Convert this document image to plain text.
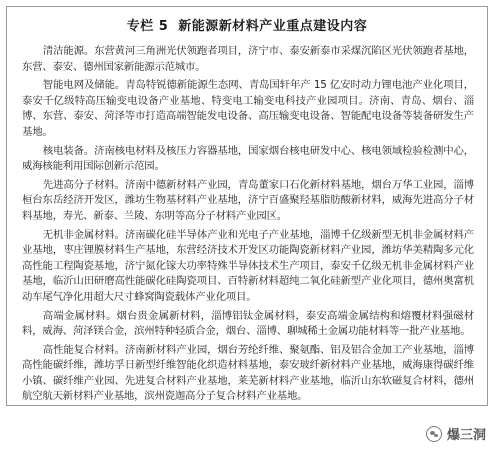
专栏 5 新能源新材料产业重点建设内容

清洁能源。东营黄河三角洲光伏领跑者项目，济宁市、泰安新泰市采煤沉陷区光伏领跑者基地，东营、泰安、德州国家新能源示范城市。

智能电网及储能。青岛特锐德新能源生态网、青岛国轩年产 15 亿安时动力锂电池产业化项目，泰安千亿级特高压输变电设备产业基地、特变电工输变电科技产业园项目。济南、青岛、烟台、淄博、东营、泰安、菏泽等市打造高端智能发电设备、高压输变电设备、智能配电设备等装备研发生产基地。

核电装备。济南核电材料及核压力容器基地，国家烟台核电研发中心、核电领域检验检测中心，威海核能利用国际创新示范园。

先进高分子材料。济南中德新材料产业园，青岛董家口石化新材料基地，烟台万华工业园，淄博桓台东岳经济开发区，潍坊生物基材料产业基地，济宁百盛聚羟基脂肪酸新材料，威海先进高分子材料基地，寿光、新泰、兰陵、东明等高分子材料产业园区。

无机非金属材料。济南碳化硅半导体产业和光电子产业基地，淄博千亿级新型无机非金属材料产业基地，枣庄锂膜材料生产基地，东营经济技术开发区功能陶瓷新材料产业园，潍坊华美精陶多元化高性能工程陶瓷基地，济宁氮化镓大功率特殊半导体技术生产项目，泰安千亿级无机非金属材料产业基地，临沂山田研磨高性能碳化硅陶瓷项目、百特新材料超纯二氧化硅新型产业化项目，德州奥富机动车尾气净化用超大尺寸蜂窝陶瓷载体产业化项目。

高端金属材料。烟台贵金属新材料，淄博铝钛金属材料，泰安高端金属结构和熔覆材料强磁材料，威海、菏泽镁合金，滨州特种轻质合金，烟台、淄博、聊城稀土金属功能材料等一批产业基地。

高性能复合材料。济南新材料产业园，烟台芳纶纤维、聚氨酯、铝及铝合金加工产业基地，淄博高性能碳纤维，潍坊孚日新型纤维智能化织造材料基地，泰安玻纤新材料产业基地，威海康得碳纤维小镇、碳纤维产业园、先进复合材料产业基地，莱芜新材料产业基地，临沂山东软磁复合材料，德州航空航天新材料产业基地，滨州瓷迦高分子复合材料产业基地。

爆三洞
